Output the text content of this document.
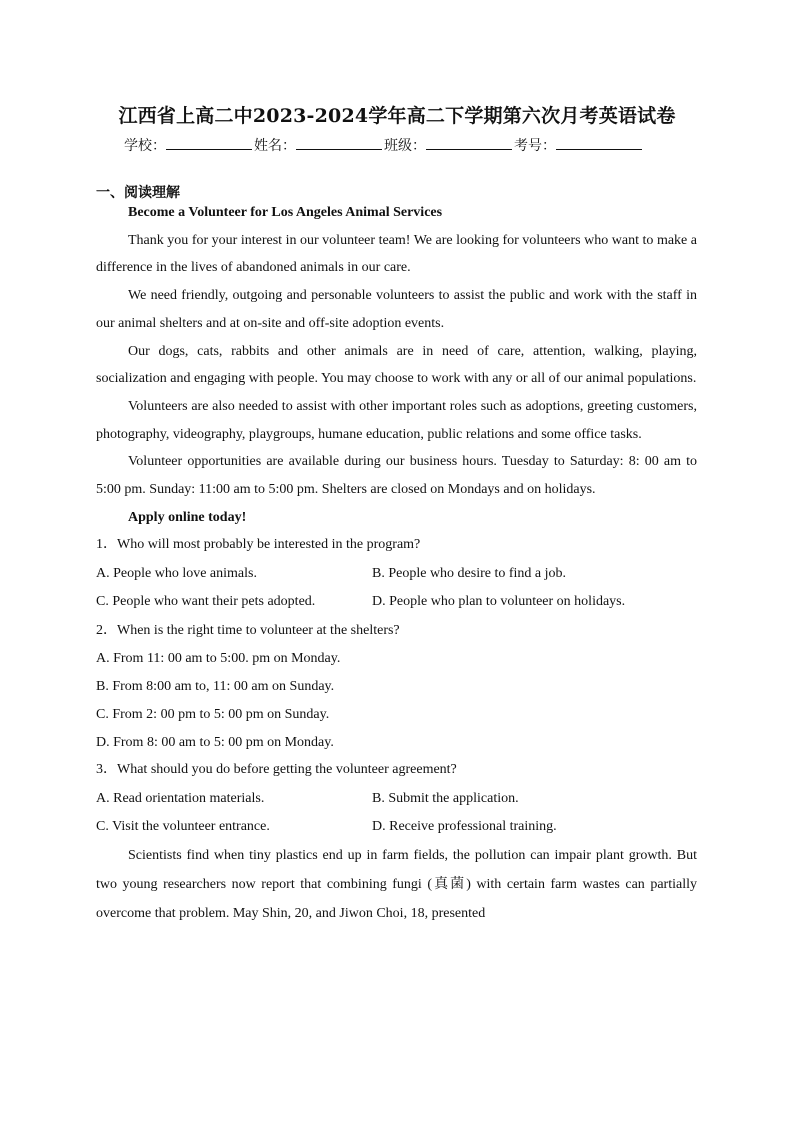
江西省上高二中2023-2024学年高二下学期第六次月考英语试卷
学校：	姓名：	班级：	考号：
一、阅读理解
Become a Volunteer for Los Angeles Animal Services

Thank you for your interest in our volunteer team! We are looking for volunteers who want to make a difference in the lives of abandoned animals in our care.

We need friendly, outgoing and personable volunteers to assist the public and work with the staff in our animal shelters and at on-site and off-site adoption events.

Our dogs, cats, rabbits and other animals are in need of care, attention, walking, playing, socialization and engaging with people. You may choose to work with any or all of our animal populations.

Volunteers are also needed to assist with other important roles such as adoptions, greeting customers, photography, videography, playgroups, humane education, public relations and some office tasks.

Volunteer opportunities are available during our business hours. Tuesday to Saturday: 8: 00 am to 5:00 pm. Sunday: 11:00 am to 5:00 pm. Shelters are closed on Mondays and on holidays.

Apply online today!

1．Who will most probably be interested in the program?

A. People who love animals.	B. People who desire to find a job.
C. People who want their pets adopted.	D. People who plan to volunteer on holidays.

2．When is the right time to volunteer at the shelters?

A. From 11: 00 am to 5:00. pm on Monday.
B. From 8:00 am to, 11: 00 am on Sunday.
C. From 2: 00 pm to 5: 00 pm on Sunday.
D. From 8: 00 am to 5: 00 pm on Monday.

3．What should you do before getting the volunteer agreement?

A. Read orientation materials.	B. Submit the application.
C. Visit the volunteer entrance.	D. Receive professional training.

Scientists find when tiny plastics end up in farm fields, the pollution can impair plant growth. But two young researchers now report that combining fungi (真菌) with certain farm wastes can partially overcome that problem. May Shin, 20, and Jiwon Choi, 18, presented
